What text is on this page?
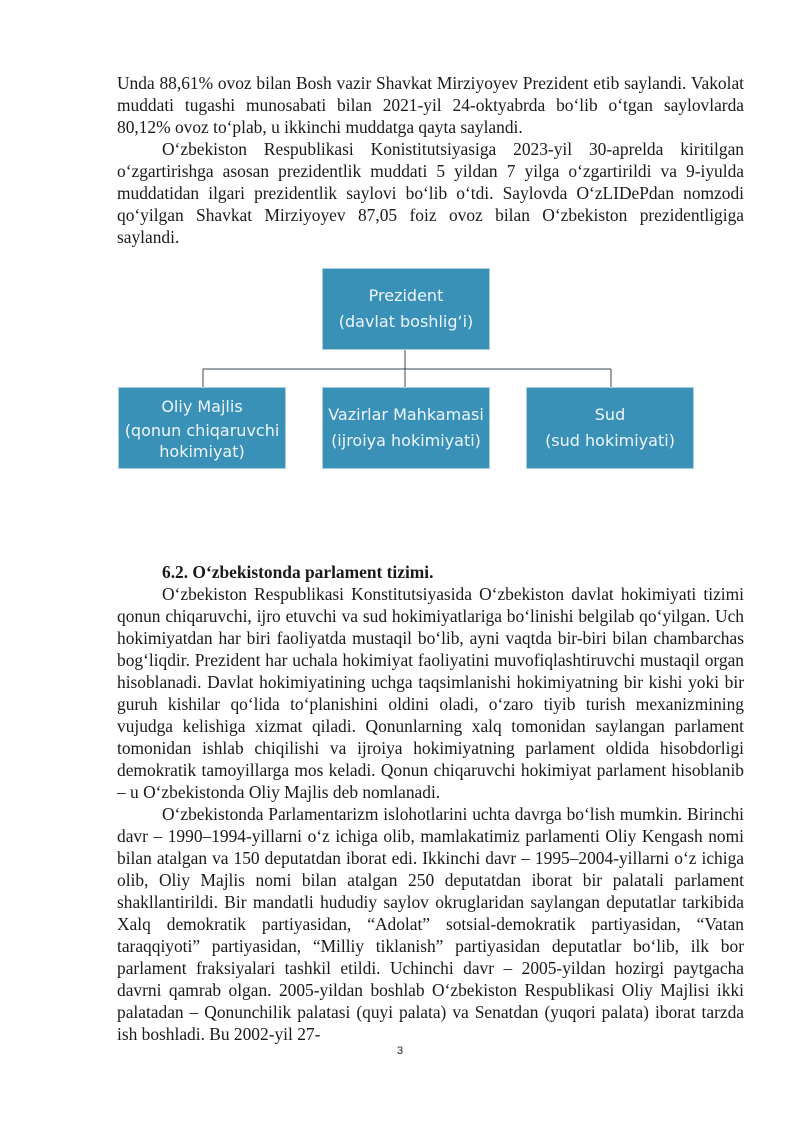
Unda 88,61% ovoz bilan Bosh vazir Shavkat Mirziyoyev Prezident etib saylandi. Vakolat muddati tugashi munosabati bilan 2021-yil 24-oktyabrda bo‘lib o‘tgan saylovlarda 80,12% ovoz to‘plab, u ikkinchi muddatga qayta saylandi.

O‘zbekiston Respublikasi Konistitutsiyasiga 2023-yil 30-aprelda kiritilgan o‘zgartirishga asosan prezidentlik muddati 5 yildan 7 yilga o‘zgartirildi va 9-iyulda muddatidan ilgari prezidentlik saylovi bo‘lib o‘tdi. Saylovda O‘zLIDePdan nomzodi qo‘yilgan Shavkat Mirziyoyev 87,05 foiz ovoz bilan O‘zbekiston prezidentligiga saylandi.

Prezident
(davlat boshlig‘i)
Oliy Majlis
(qonun chiqaruvchi hokimiyat)
Vazirlar Mahkamasi
(ijroiya hokimiyati)
Sud
(sud hokimiyati)

6.2. O‘zbekistonda parlament tizimi.

O‘zbekiston Respublikasi Konstitutsiyasida O‘zbekiston davlat hokimiyati tizimi qonun chiqaruvchi, ijro etuvchi va sud hokimiyatlariga bo‘linishi belgilab qo‘yilgan. Uch hokimiyatdan har biri faoliyatda mustaqil bo‘lib, ayni vaqtda bir-biri bilan chambarchas bog‘liqdir. Prezident har uchala hokimiyat faoliyatini muvofiqlashtiruvchi mustaqil organ hisoblanadi. Davlat hokimiyatining uchga taqsimlanishi hokimiyatning bir kishi yoki bir guruh kishilar qo‘lida to‘planishini oldini oladi, o‘zaro tiyib turish mexanizmining vujudga kelishiga xizmat qiladi. Qonunlarning xalq tomonidan saylangan parlament tomonidan ishlab chiqilishi va ijroiya hokimiyatning parlament oldida hisobdorligi demokratik tamoyillarga mos keladi. Qonun chiqaruvchi hokimiyat parlament hisoblanib – u O‘zbekistonda Oliy Majlis deb nomlanadi.

O‘zbekistonda Parlamentarizm islohotlarini uchta davrga bo‘lish mumkin. Birinchi davr – 1990–1994-yillarni o‘z ichiga olib, mamlakatimiz parlamenti Oliy Kengash nomi bilan atalgan va 150 deputatdan iborat edi. Ikkinchi davr – 1995–2004-yillarni o‘z ichiga olib, Oliy Majlis nomi bilan atalgan 250 deputatdan iborat bir palatali parlament shakllantirildi. Bir mandatli hududiy saylov okruglaridan saylangan deputatlar tarkibida Xalq demokratik partiyasidan, “Adolat” sotsial-demokratik partiyasidan, “Vatan taraqqiyoti” partiyasidan, “Milliy tiklanish” partiyasidan deputatlar bo‘lib, ilk bor parlament fraksiyalari tashkil etildi. Uchinchi davr – 2005-yildan hozirgi paytgacha davrni qamrab olgan. 2005-yildan boshlab O‘zbekiston Respublikasi Oliy Majlisi ikki palatadan – Qonunchilik palatasi (quyi palata) va Senatdan (yuqori palata) iborat tarzda ish boshladi. Bu 2002-yil 27-

3
